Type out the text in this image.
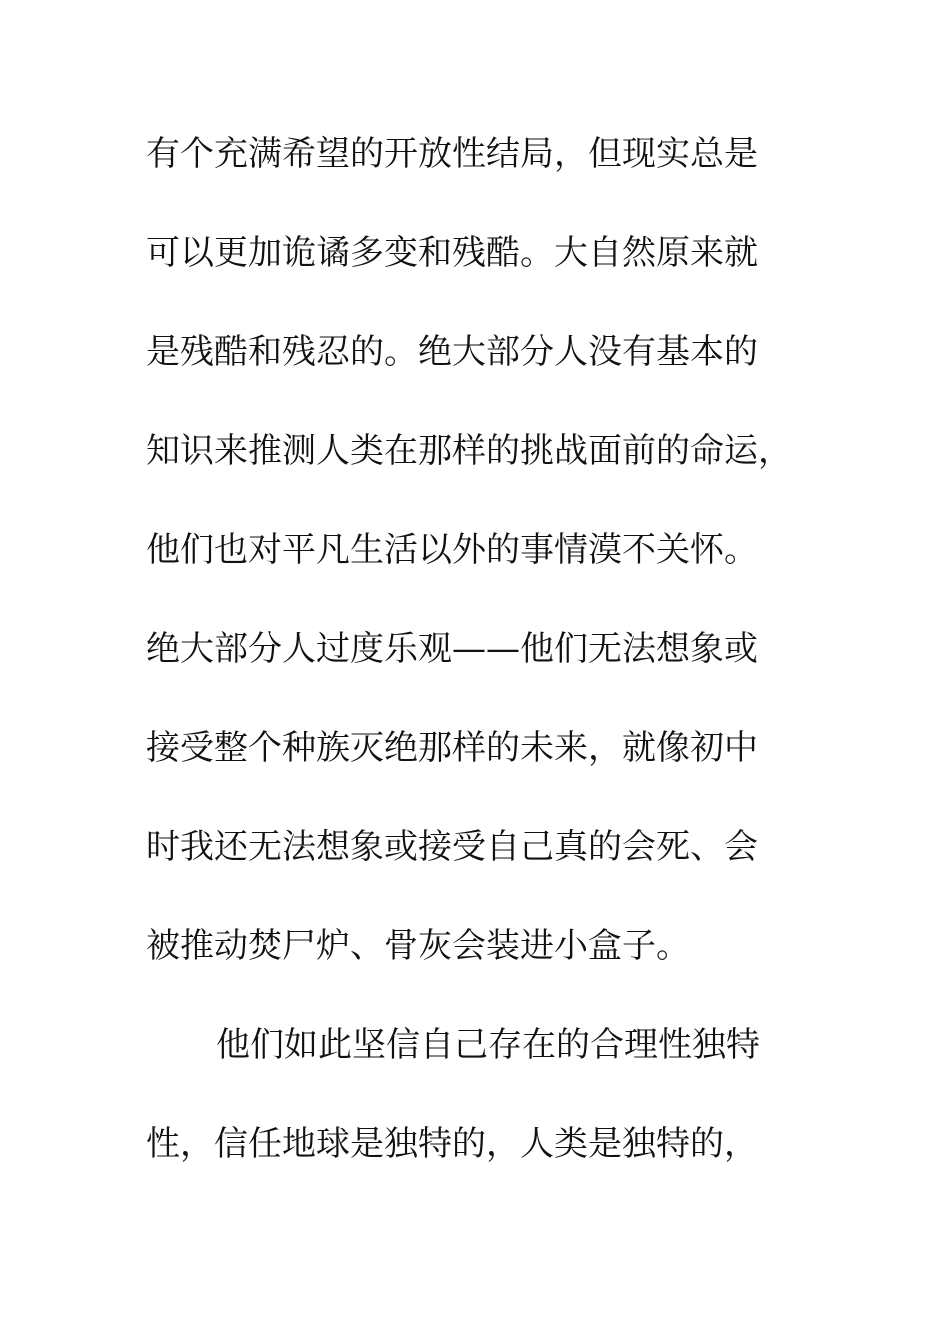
有个充满希望的开放性结局，但现实总是
可以更加诡谲多变和残酷。大自然原来就
是残酷和残忍的。绝大部分人没有基本的
知识来推测人类在那样的挑战面前的命运，
他们也对平凡生活以外的事情漠不关怀。
绝大部分人过度乐观——他们无法想象或
接受整个种族灭绝那样的未来，就像初中
时我还无法想象或接受自己真的会死、会
被推动焚尸炉、骨灰会装进小盒子。
他们如此坚信自己存在的合理性独特
性，信任地球是独特的，人类是独特的，
